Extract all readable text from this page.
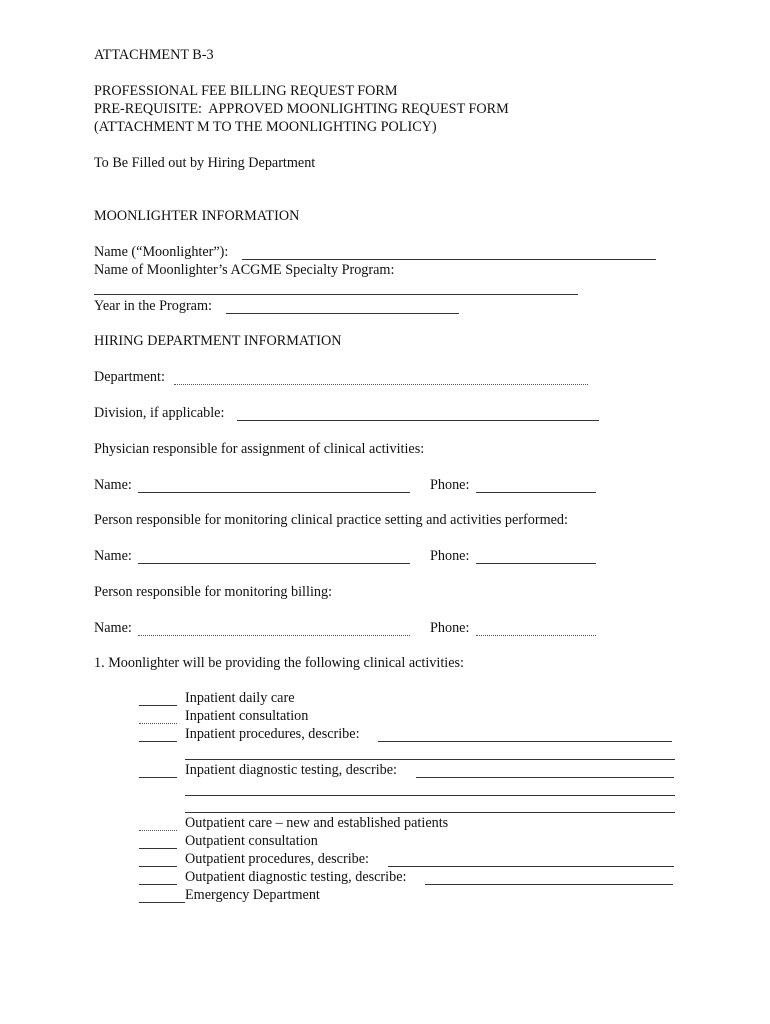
ATTACHMENT B-3
PROFESSIONAL FEE BILLING REQUEST FORM
PRE-REQUISITE:  APPROVED MOONLIGHTING REQUEST FORM
(ATTACHMENT M TO THE MOONLIGHTING POLICY)
To Be Filled out by Hiring Department
MOONLIGHTER INFORMATION
Name (“Moonlighter”):
Name of Moonlighter’s ACGME Specialty Program:
Year in the Program:
HIRING DEPARTMENT INFORMATION
Department:
Division, if applicable:
Physician responsible for assignment of clinical activities:
Name:	Phone:
Person responsible for monitoring clinical practice setting and activities performed:
Name:	Phone:
Person responsible for monitoring billing:
Name:	Phone:
1. Moonlighter will be providing the following clinical activities:
Inpatient daily care
Inpatient consultation
Inpatient procedures, describe:
Inpatient diagnostic testing, describe:
Outpatient care – new and established patients
Outpatient consultation
Outpatient procedures, describe:
Outpatient diagnostic testing, describe:
Emergency Department
